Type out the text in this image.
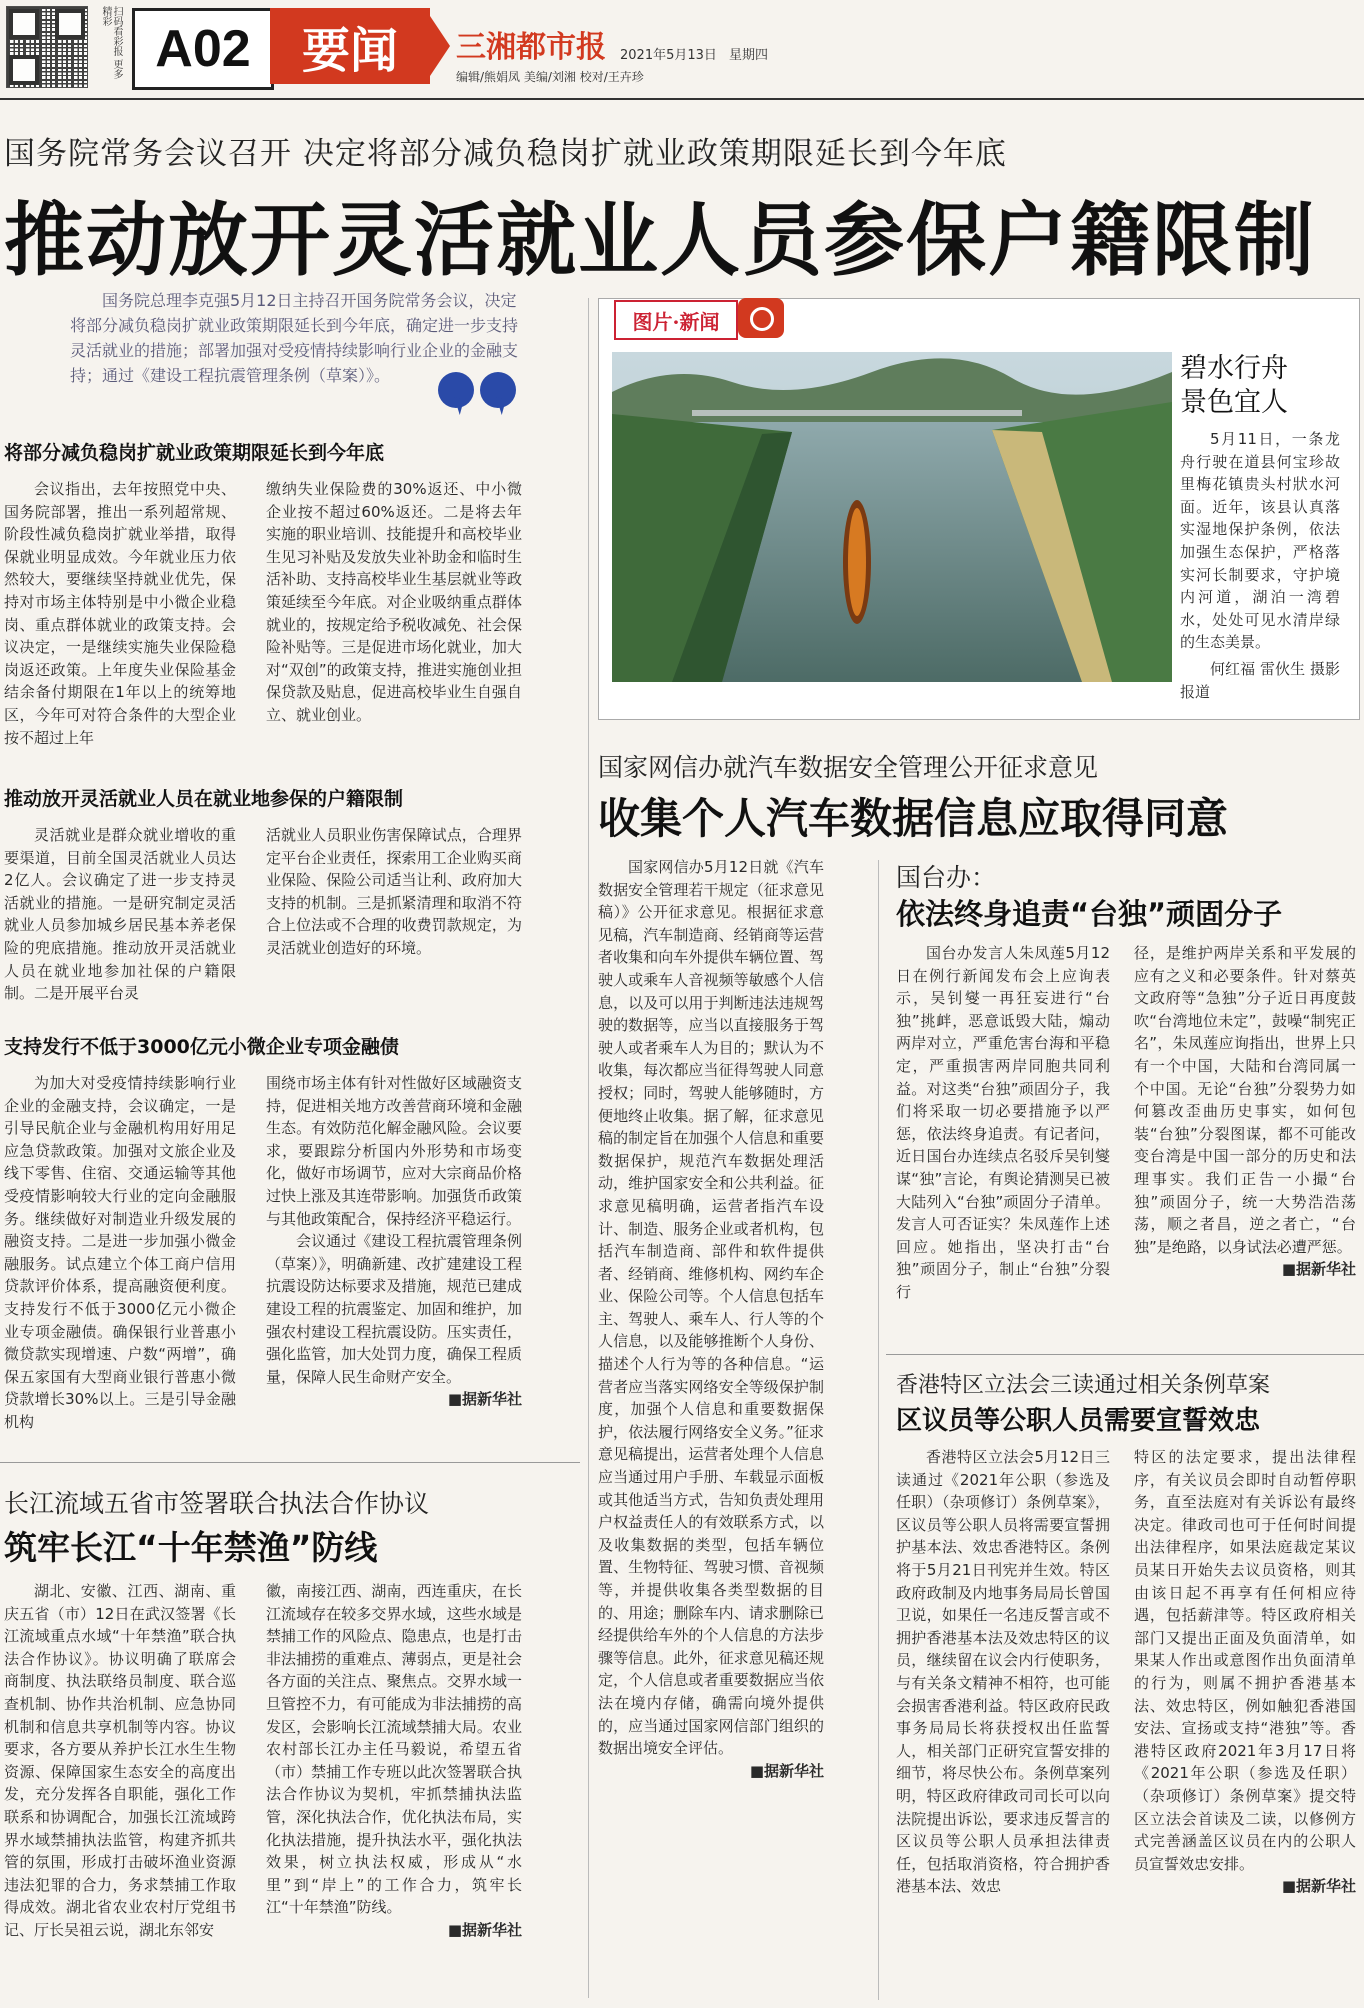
扫码看彩报 更多精彩
A02	要闻	三湘都市报 2021年5月13日 星期四
编辑/熊娟凤 美编/刘湘 校对/王卉珍
国务院常务会议召开 决定将部分减负稳岗扩就业政策期限延长到今年底
推动放开灵活就业人员参保户籍限制
国务院总理李克强5月12日主持召开国务院常务会议，决定将部分减负稳岗扩就业政策期限延长到今年底，确定进一步支持灵活就业的措施；部署加强对受疫情持续影响行业企业的金融支持；通过《建设工程抗震管理条例（草案）》。
将部分减负稳岗扩就业政策期限延长到今年底

会议指出，去年按照党中央、国务院部署，推出一系列超常规、阶段性减负稳岗扩就业举措，取得保就业明显成效。今年就业压力依然较大，要继续坚持就业优先，保持对市场主体特别是中小微企业稳岗、重点群体就业的政策支持。会议决定，一是继续实施失业保险稳岗返还政策。上年度失业保险基金结余备付期限在1年以上的统筹地区，今年可对符合条件的大型企业按不超过上年

缴纳失业保险费的30%返还、中小微企业按不超过60%返还。二是将去年实施的职业培训、技能提升和高校毕业生见习补贴及发放失业补助金和临时生活补助、支持高校毕业生基层就业等政策延续至今年底。对企业吸纳重点群体就业的，按规定给予税收减免、社会保险补贴等。三是促进市场化就业，加大对“双创”的政策支持，推进实施创业担保贷款及贴息，促进高校毕业生自强自立、就业创业。

推动放开灵活就业人员在就业地参保的户籍限制

灵活就业是群众就业增收的重要渠道，目前全国灵活就业人员达2亿人。会议确定了进一步支持灵活就业的措施。一是研究制定灵活就业人员参加城乡居民基本养老保险的兜底措施。推动放开灵活就业人员在就业地参加社保的户籍限制。二是开展平台灵

活就业人员职业伤害保障试点，合理界定平台企业责任，探索用工企业购买商业保险、保险公司适当让利、政府加大支持的机制。三是抓紧清理和取消不符合上位法或不合理的收费罚款规定，为灵活就业创造好的环境。

支持发行不低于3000亿元小微企业专项金融债

为加大对受疫情持续影响行业企业的金融支持，会议确定，一是引导民航企业与金融机构用好用足应急贷款政策。加强对文旅企业及线下零售、住宿、交通运输等其他受疫情影响较大行业的定向金融服务。继续做好对制造业升级发展的融资支持。二是进一步加强小微金融服务。试点建立个体工商户信用贷款评价体系，提高融资便利度。支持发行不低于3000亿元小微企业专项金融债。确保银行业普惠小微贷款实现增速、户数“两增”，确保五家国有大型商业银行普惠小微贷款增长30%以上。三是引导金融机构

围绕市场主体有针对性做好区域融资支持，促进相关地方改善营商环境和金融生态。有效防范化解金融风险。会议要求，要跟踪分析国内外形势和市场变化，做好市场调节，应对大宗商品价格过快上涨及其连带影响。加强货币政策与其他政策配合，保持经济平稳运行。

会议通过《建设工程抗震管理条例（草案）》，明确新建、改扩建建设工程抗震设防达标要求及措施，规范已建成建设工程的抗震鉴定、加固和维护，加强农村建设工程抗震设防。压实责任，强化监管，加大处罚力度，确保工程质量，保障人民生命财产安全。

■据新华社
长江流域五省市签署联合执法合作协议
筑牢长江“十年禁渔”防线

湖北、安徽、江西、湖南、重庆五省（市）12日在武汉签署《长江流域重点水域“十年禁渔”联合执法合作协议》。协议明确了联席会商制度、执法联络员制度、联合巡查机制、协作共治机制、应急协同机制和信息共享机制等内容。协议要求，各方要从养护长江水生生物资源、保障国家生态安全的高度出发，充分发挥各自职能，强化工作联系和协调配合，加强长江流域跨界水域禁捕执法监管，构建齐抓共管的氛围，形成打击破坏渔业资源违法犯罪的合力，务求禁捕工作取得成效。湖北省农业农村厅党组书记、厅长吴祖云说，湖北东邻安

徽，南接江西、湖南，西连重庆，在长江流域存在较多交界水域，这些水域是禁捕工作的风险点、隐患点，也是打击非法捕捞的重难点、薄弱点，更是社会各方面的关注点、聚焦点。交界水域一旦管控不力，有可能成为非法捕捞的高发区，会影响长江流域禁捕大局。农业农村部长江办主任马毅说，希望五省（市）禁捕工作专班以此次签署联合执法合作协议为契机，牢抓禁捕执法监管，深化执法合作，优化执法布局，实化执法措施，提升执法水平，强化执法效果，树立执法权威，形成从“水里”到“岸上”的工作合力，筑牢长江“十年禁渔”防线。

■据新华社
图片·新闻
碧水行舟
景色宜人

5月11日，一条龙舟行驶在道县何宝珍故里梅花镇贵头村狀水河面。近年，该县认真落实湿地保护条例，依法加强生态保护，严格落实河长制要求，守护境内河道，湖泊一湾碧水，处处可见水清岸绿的生态美景。

何红福 雷伙生 摄影报道
国家网信办就汽车数据安全管理公开征求意见
收集个人汽车数据信息应取得同意

国家网信办5月12日就《汽车数据安全管理若干规定（征求意见稿）》公开征求意见。根据征求意见稿，汽车制造商、经销商等运营者收集和向车外提供车辆位置、驾驶人或乘车人音视频等敏感个人信息，以及可以用于判断违法违规驾驶的数据等，应当以直接服务于驾驶人或者乘车人为目的；默认为不收集，每次都应当征得驾驶人同意授权；同时，驾驶人能够随时，方便地终止收集。据了解，征求意见稿的制定旨在加强个人信息和重要数据保护，规范汽车数据处理活动，维护国家安全和公共利益。征求意见稿明确，运营者指汽车设计、制造、服务企业或者机构，包括汽车制造商、部件和软件提供者、经销商、维修机构、网约车企业、保险公司等。个人信息包括车主、驾驶人、乘车人、行人等的个人信息，以及能够推断个人身份、描述个人行为等的各种信息。“运营者应当落实网络安全等级保护制度，加强个人信息和重要数据保护，依法履行网络安全义务。”征求意见稿提出，运营者处理个人信息应当通过用户手册、车载显示面板或其他适当方式，告知负责处理用户权益责任人的有效联系方式，以及收集数据的类型，包括车辆位置、生物特征、驾驶习惯、音视频等，并提供收集各类型数据的目的、用途；删除车内、请求删除已经提供给车外的个人信息的方法步骤等信息。此外，征求意见稿还规定，个人信息或者重要数据应当依法在境内存储，确需向境外提供的，应当通过国家网信部门组织的数据出境安全评估。

■据新华社
国台办：
依法终身追责“台独”顽固分子

国台办发言人朱凤莲5月12日在例行新闻发布会上应询表示，吴钊燮一再狂妄进行“台独”挑衅，恶意诋毁大陆，煽动两岸对立，严重危害台海和平稳定，严重损害两岸同胞共同利益。对这类“台独”顽固分子，我们将采取一切必要措施予以严惩，依法终身追责。有记者问，近日国台办连续点名驳斥吴钊燮谋“独”言论，有舆论猜测吴已被大陆列入“台独”顽固分子清单。发言人可否证实？朱凤莲作上述回应。她指出，坚决打击“台独”顽固分子，制止“台独”分裂行

径，是维护两岸关系和平发展的应有之义和必要条件。针对蔡英文政府等“急独”分子近日再度鼓吹“台湾地位未定”，鼓噪“制宪正名”，朱凤莲应询指出，世界上只有一个中国，大陆和台湾同属一个中国。无论“台独”分裂势力如何篡改歪曲历史事实，如何包装“台独”分裂图谋，都不可能改变台湾是中国一部分的历史和法理事实。我们正告一小撮“台独”顽固分子，统一大势浩浩荡荡，顺之者昌，逆之者亡，“台独”是绝路，以身试法必遭严惩。

■据新华社
香港特区立法会三读通过相关条例草案
区议员等公职人员需要宣誓效忠

香港特区立法会5月12日三读通过《2021年公职（参选及任职）（杂项修订）条例草案》，区议员等公职人员将需要宣誓拥护基本法、效忠香港特区。条例将于5月21日刊宪并生效。特区政府政制及内地事务局局长曾国卫说，如果任一名违反誓言或不拥护香港基本法及效忠特区的议员，继续留在议会内行使职务，与有关条文精神不相符，也可能会损害香港利益。特区政府民政事务局局长将获授权出任监誓人，相关部门正研究宣誓安排的细节，将尽快公布。条例草案列明，特区政府律政司司长可以向法院提出诉讼，要求违反誓言的区议员等公职人员承担法律责任，包括取消资格，符合拥护香港基本法、效忠

特区的法定要求，提出法律程序，有关议员会即时自动暂停职务，直至法庭对有关诉讼有最终决定。律政司也可于任何时间提出法律程序，如果法庭裁定某议员某日开始失去议员资格，则其由该日起不再享有任何相应待遇，包括薪津等。特区政府相关部门又提出正面及负面清单，如果某人作出或意图作出负面清单的行为，则属不拥护香港基本法、效忠特区，例如触犯香港国安法、宣扬或支持“港独”等。香港特区政府2021年3月17日将《2021年公职（参选及任职）（杂项修订）条例草案》提交特区立法会首读及二读，以修例方式完善涵盖区议员在内的公职人员宣誓效忠安排。

■据新华社
